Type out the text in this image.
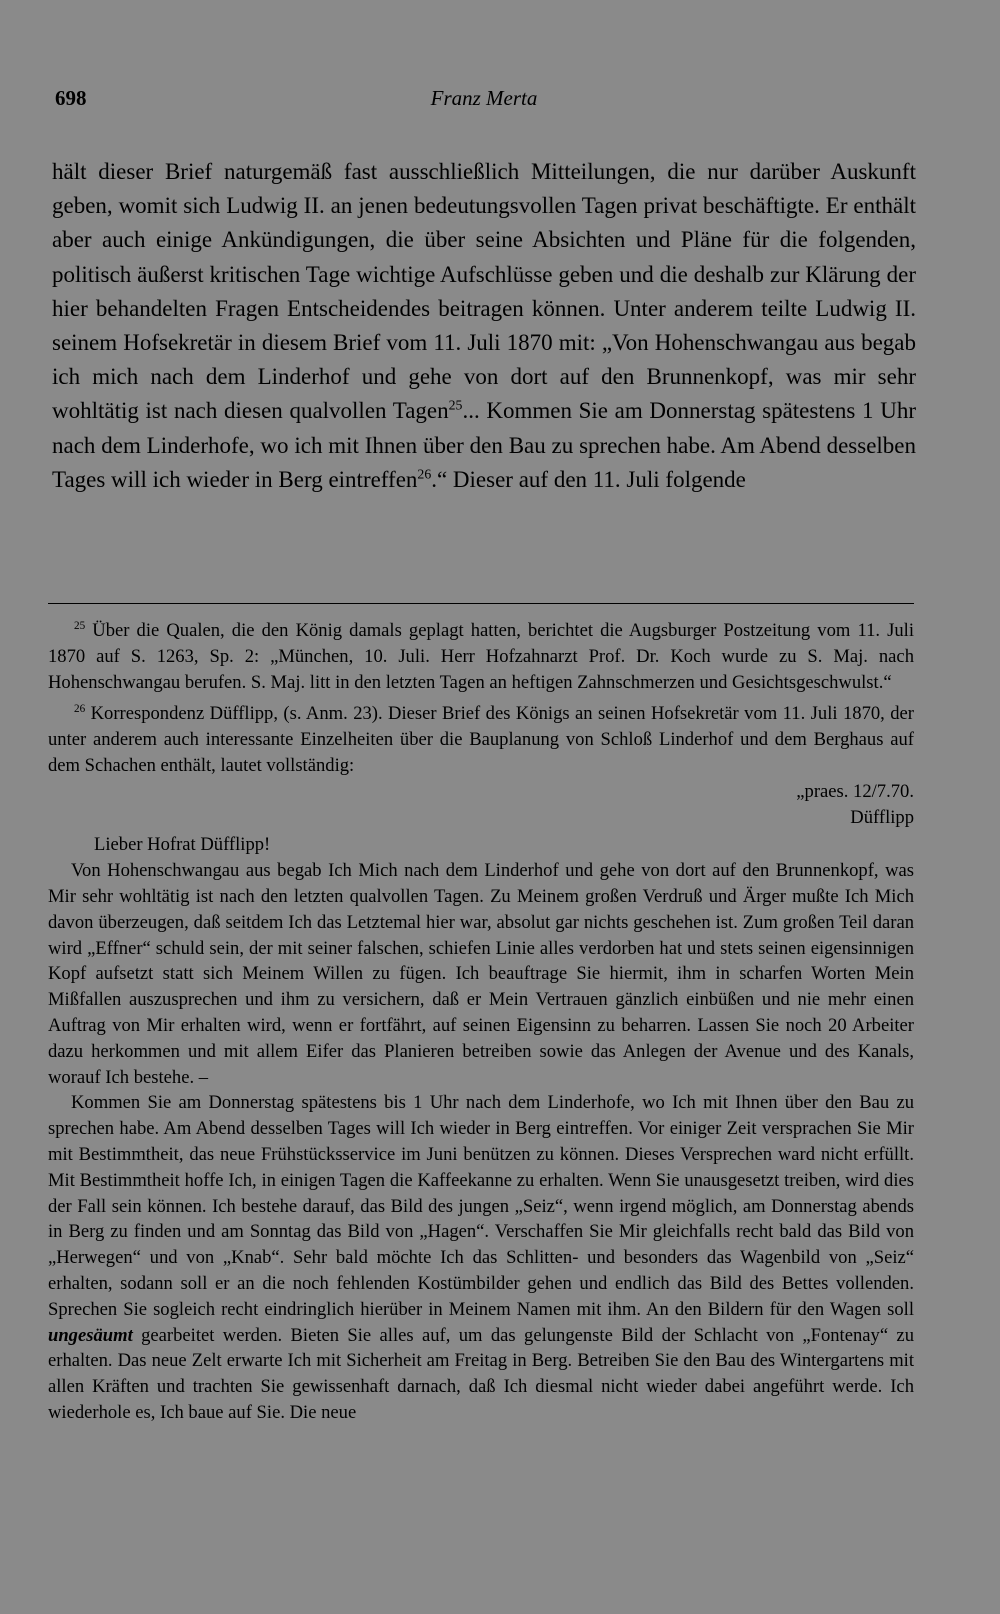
698	Franz Merta
hält dieser Brief naturgemäß fast ausschließlich Mitteilungen, die nur darüber Auskunft geben, womit sich Ludwig II. an jenen bedeutungsvollen Tagen privat beschäftigte. Er enthält aber auch einige Ankündigungen, die über seine Absichten und Pläne für die folgenden, politisch äußerst kritischen Tage wichtige Aufschlüsse geben und die deshalb zur Klärung der hier behandelten Fragen Entscheidendes beitragen können. Unter anderem teilte Ludwig II. seinem Hofsekretär in diesem Brief vom 11. Juli 1870 mit: „Von Hohenschwangau aus begab ich mich nach dem Linderhof und gehe von dort auf den Brunnenkopf, was mir sehr wohltätig ist nach diesen qualvollen Tagen$^{25}$... Kommen Sie am Donnerstag spätestens 1 Uhr nach dem Linderhofe, wo ich mit Ihnen über den Bau zu sprechen habe. Am Abend desselben Tages will ich wieder in Berg eintreffen$^{26}$.“ Dieser auf den 11. Juli folgende

$^{25}$ Über die Qualen, die den König damals geplagt hatten, berichtet die Augsburger Postzeitung vom 11. Juli 1870 auf S. 1263, Sp. 2: „München, 10. Juli. Herr Hofzahnarzt Prof. Dr. Koch wurde zu S. Maj. nach Hohenschwangau berufen. S. Maj. litt in den letzten Tagen an heftigen Zahnschmerzen und Gesichtsgeschwulst.“

$^{26}$ Korrespondenz Düfflipp, (s. Anm. 23). Dieser Brief des Königs an seinen Hofsekretär vom 11. Juli 1870, der unter anderem auch interessante Einzelheiten über die Bauplanung von Schloß Linderhof und dem Berghaus auf dem Schachen enthält, lautet vollständig:

„praes. 12/7.70.

Düfflipp

Lieber Hofrat Düfflipp!

Von Hohenschwangau aus begab Ich Mich nach dem Linderhof und gehe von dort auf den Brunnenkopf, was Mir sehr wohltätig ist nach den letzten qualvollen Tagen. Zu Meinem großen Verdruß und Ärger mußte Ich Mich davon überzeugen, daß seitdem Ich das Letztemal hier war, absolut gar nichts geschehen ist. Zum großen Teil daran wird „Effner“ schuld sein, der mit seiner falschen, schiefen Linie alles verdorben hat und stets seinen eigensinnigen Kopf aufsetzt statt sich Meinem Willen zu fügen. Ich beauftrage Sie hiermit, ihm in scharfen Worten Mein Mißfallen auszusprechen und ihm zu versichern, daß er Mein Vertrauen gänzlich einbüßen und nie mehr einen Auftrag von Mir erhalten wird, wenn er fortfährt, auf seinen Eigensinn zu beharren. Lassen Sie noch 20 Arbeiter dazu herkommen und mit allem Eifer das Planieren betreiben sowie das Anlegen der Avenue und des Kanals, worauf Ich bestehe. –

Kommen Sie am Donnerstag spätestens bis 1 Uhr nach dem Linderhofe, wo Ich mit Ihnen über den Bau zu sprechen habe. Am Abend desselben Tages will Ich wieder in Berg eintreffen. Vor einiger Zeit versprachen Sie Mir mit Bestimmtheit, das neue Frühstücksservice im Juni benützen zu können. Dieses Versprechen ward nicht erfüllt. Mit Bestimmtheit hoffe Ich, in einigen Tagen die Kaffeekanne zu erhalten. Wenn Sie unausgesetzt treiben, wird dies der Fall sein können. Ich bestehe darauf, das Bild des jungen „Seiz“, wenn irgend möglich, am Donnerstag abends in Berg zu finden und am Sonntag das Bild von „Hagen“. Verschaffen Sie Mir gleichfalls recht bald das Bild von „Herwegen“ und von „Knab“. Sehr bald möchte Ich das Schlitten- und besonders das Wagenbild von „Seiz“ erhalten, sodann soll er an die noch fehlenden Kostümbilder gehen und endlich das Bild des Bettes vollenden. Sprechen Sie sogleich recht eindringlich hierüber in Meinem Namen mit ihm. An den Bildern für den Wagen soll ungesäumt gearbeitet werden. Bieten Sie alles auf, um das gelungenste Bild der Schlacht von „Fontenay“ zu erhalten. Das neue Zelt erwarte Ich mit Sicherheit am Freitag in Berg. Betreiben Sie den Bau des Wintergartens mit allen Kräften und trachten Sie gewissenhaft darnach, daß Ich diesmal nicht wieder dabei angeführt werde. Ich wiederhole es, Ich baue auf Sie. Die neue
